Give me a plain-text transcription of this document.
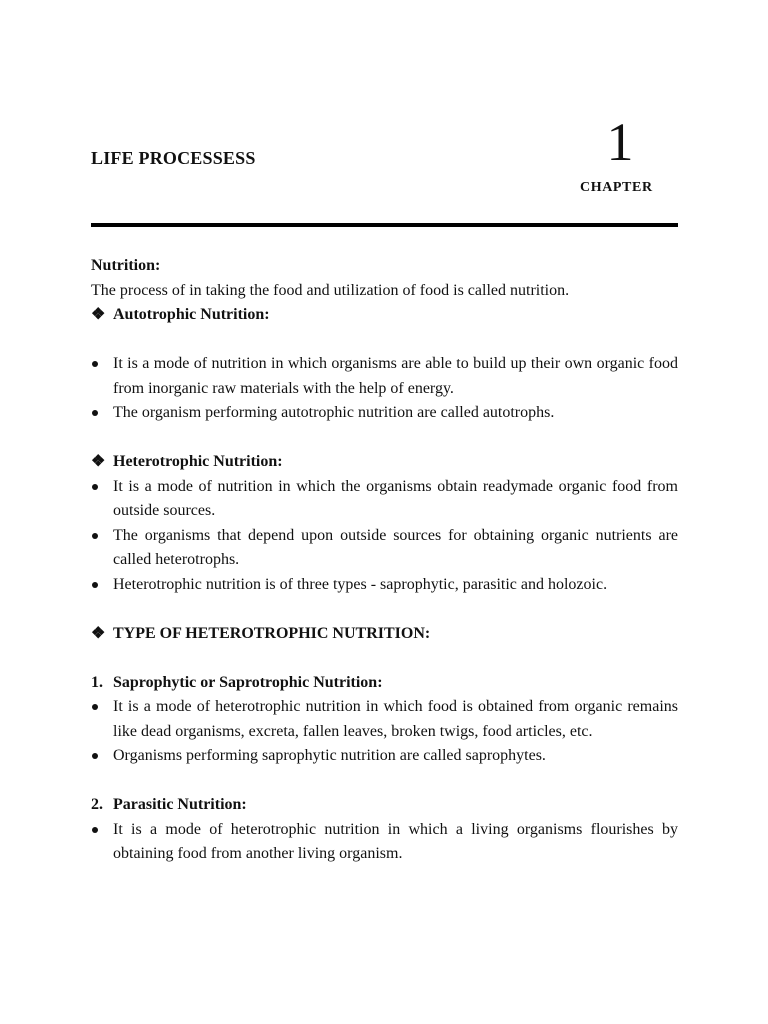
LIFE PROCESSESS	1
CHAPTER

Nutrition:

The process of in taking the food and utilization of food is called nutrition.

❖ Autotrophic Nutrition:

It is a mode of nutrition in which organisms are able to build up their own organic food from inorganic raw materials with the help of energy.
The organism performing autotrophic nutrition are called autotrophs.

❖ Heterotrophic Nutrition:

It is a mode of nutrition in which the organisms obtain readymade organic food from outside sources.
The organisms that depend upon outside sources for obtaining organic nutrients are called heterotrophs.
Heterotrophic nutrition is of three types - saprophytic, parasitic and holozoic.

❖ TYPE OF HETEROTROPHIC NUTRITION:

1. Saprophytic or Saprotrophic Nutrition:

It is a mode of heterotrophic nutrition in which food is obtained from organic remains like dead organisms, excreta, fallen leaves, broken twigs, food articles, etc.
Organisms performing saprophytic nutrition are called saprophytes.

2. Parasitic Nutrition:

It is a mode of heterotrophic nutrition in which a living organisms flourishes by obtaining food from another living organism.
